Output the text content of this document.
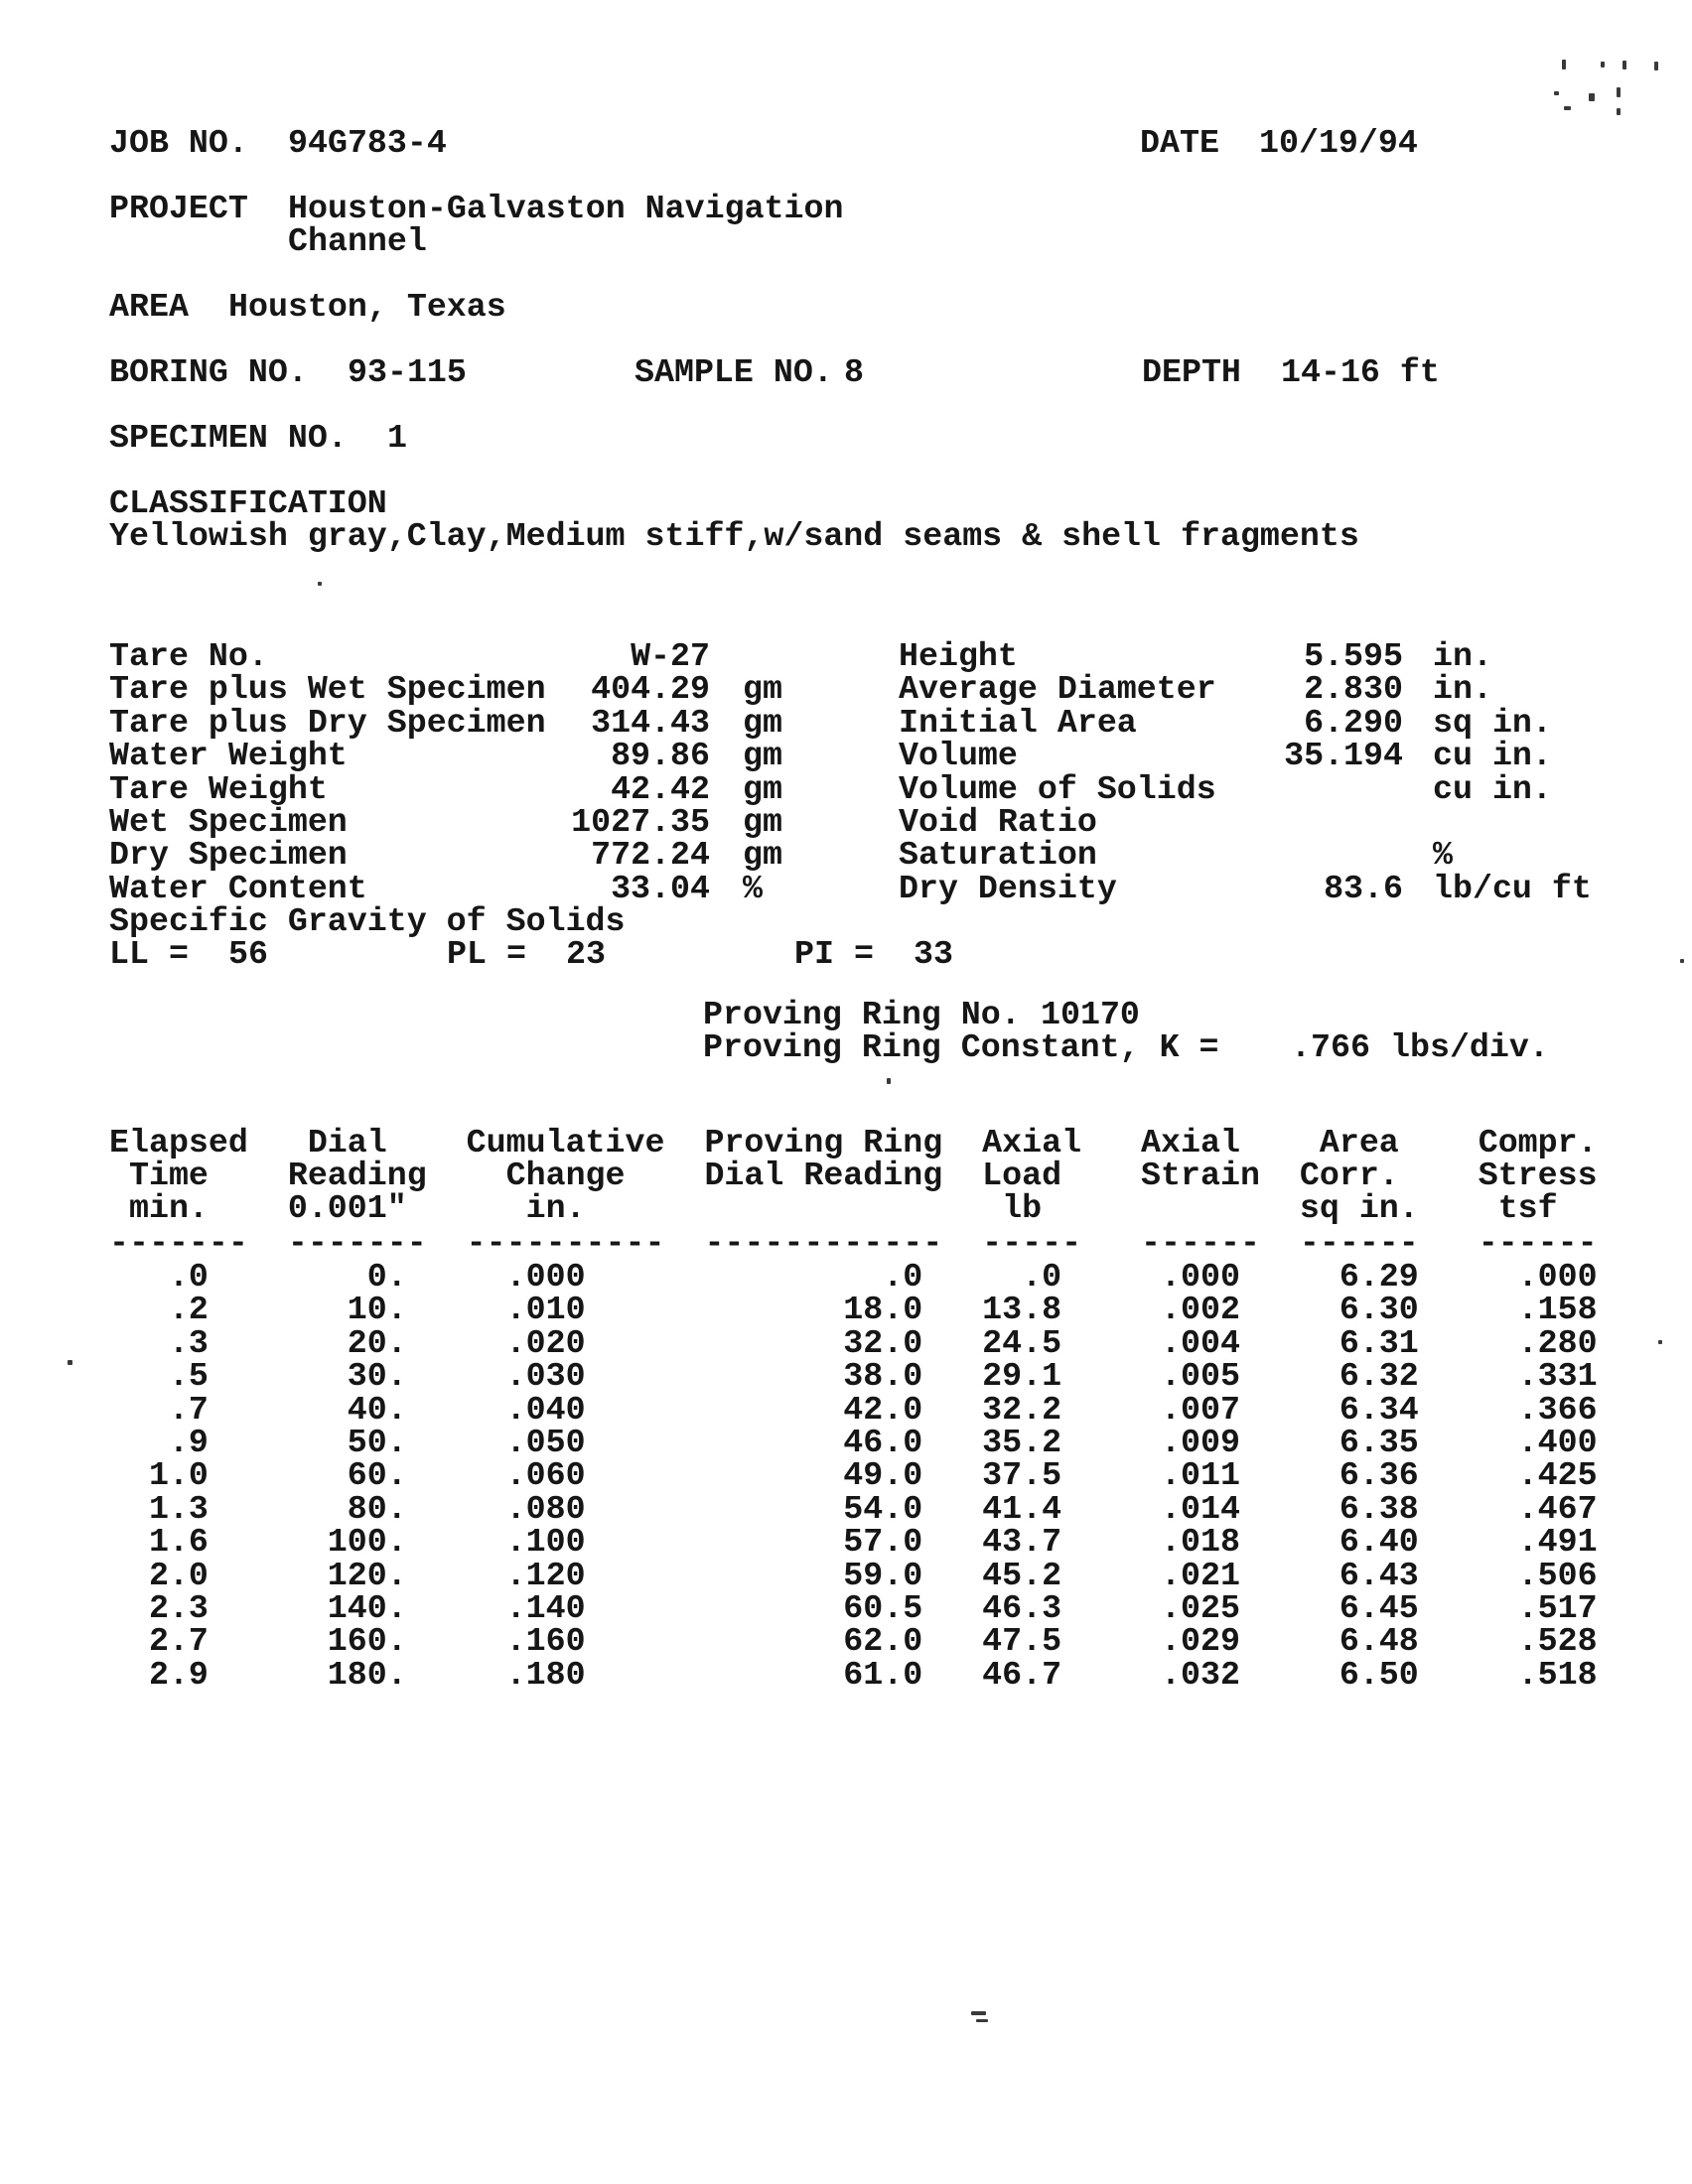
JOB NO. 94G783-4	DATE 10/19/94
PROJECT Houston-Galvaston Navigation
Channel
AREA Houston, Texas
BORING NO. 93-115	SAMPLE NO. 8	DEPTH 14-16 ft
SPECIMEN NO. 1
CLASSIFICATION
Yellowish gray,Clay,Medium stiff,w/sand seams & shell fragments
LL = 56	PL = 23	PI = 33
Proving Ring No. 10170
Proving Ring Constant, K = .766 lbs/div.
Tare No.	W-27
Tare plus Wet Specimen	404.29 gm
Tare plus Dry Specimen	314.43 gm
Water Weight	89.86 gm
Tare Weight	42.42 gm
Wet Specimen	1027.35 gm
Dry Specimen	772.24 gm
Water Content	33.04 %
Specific Gravity of Solids
Height	5.595 in.
Average Diameter	2.830 in.
Initial Area	6.290 sq in.
Volume	35.194 cu in.
Volume of Solids	cu in.
Void Ratio
Saturation	%
Dry Density	83.6 lb/cu ft
Elapsed   Dial    Cumulative  Proving Ring  Axial   Axial    Area    Compr.
Time    Reading    Change    Dial Reading  Load    Strain  Corr.    Stress
min.    0.001"      in.                     lb             sq in.    tsf
-------  -------  ----------  ------------  -----   ------  ------   ------
.0        0.     .000               .0     .0     .000     6.29     .000
.2       10.     .010             18.0   13.8     .002     6.30     .158
.3       20.     .020             32.0   24.5     .004     6.31     .280
.5       30.     .030             38.0   29.1     .005     6.32     .331
.7       40.     .040             42.0   32.2     .007     6.34     .366
.9       50.     .050             46.0   35.2     .009     6.35     .400
1.0       60.     .060             49.0   37.5     .011     6.36     .425
1.3       80.     .080             54.0   41.4     .014     6.38     .467
1.6      100.     .100             57.0   43.7     .018     6.40     .491
2.0      120.     .120             59.0   45.2     .021     6.43     .506
2.3      140.     .140             60.5   46.3     .025     6.45     .517
2.7      160.     .160             62.0   47.5     .029     6.48     .528
2.9      180.     .180             61.0   46.7     .032     6.50     .518
